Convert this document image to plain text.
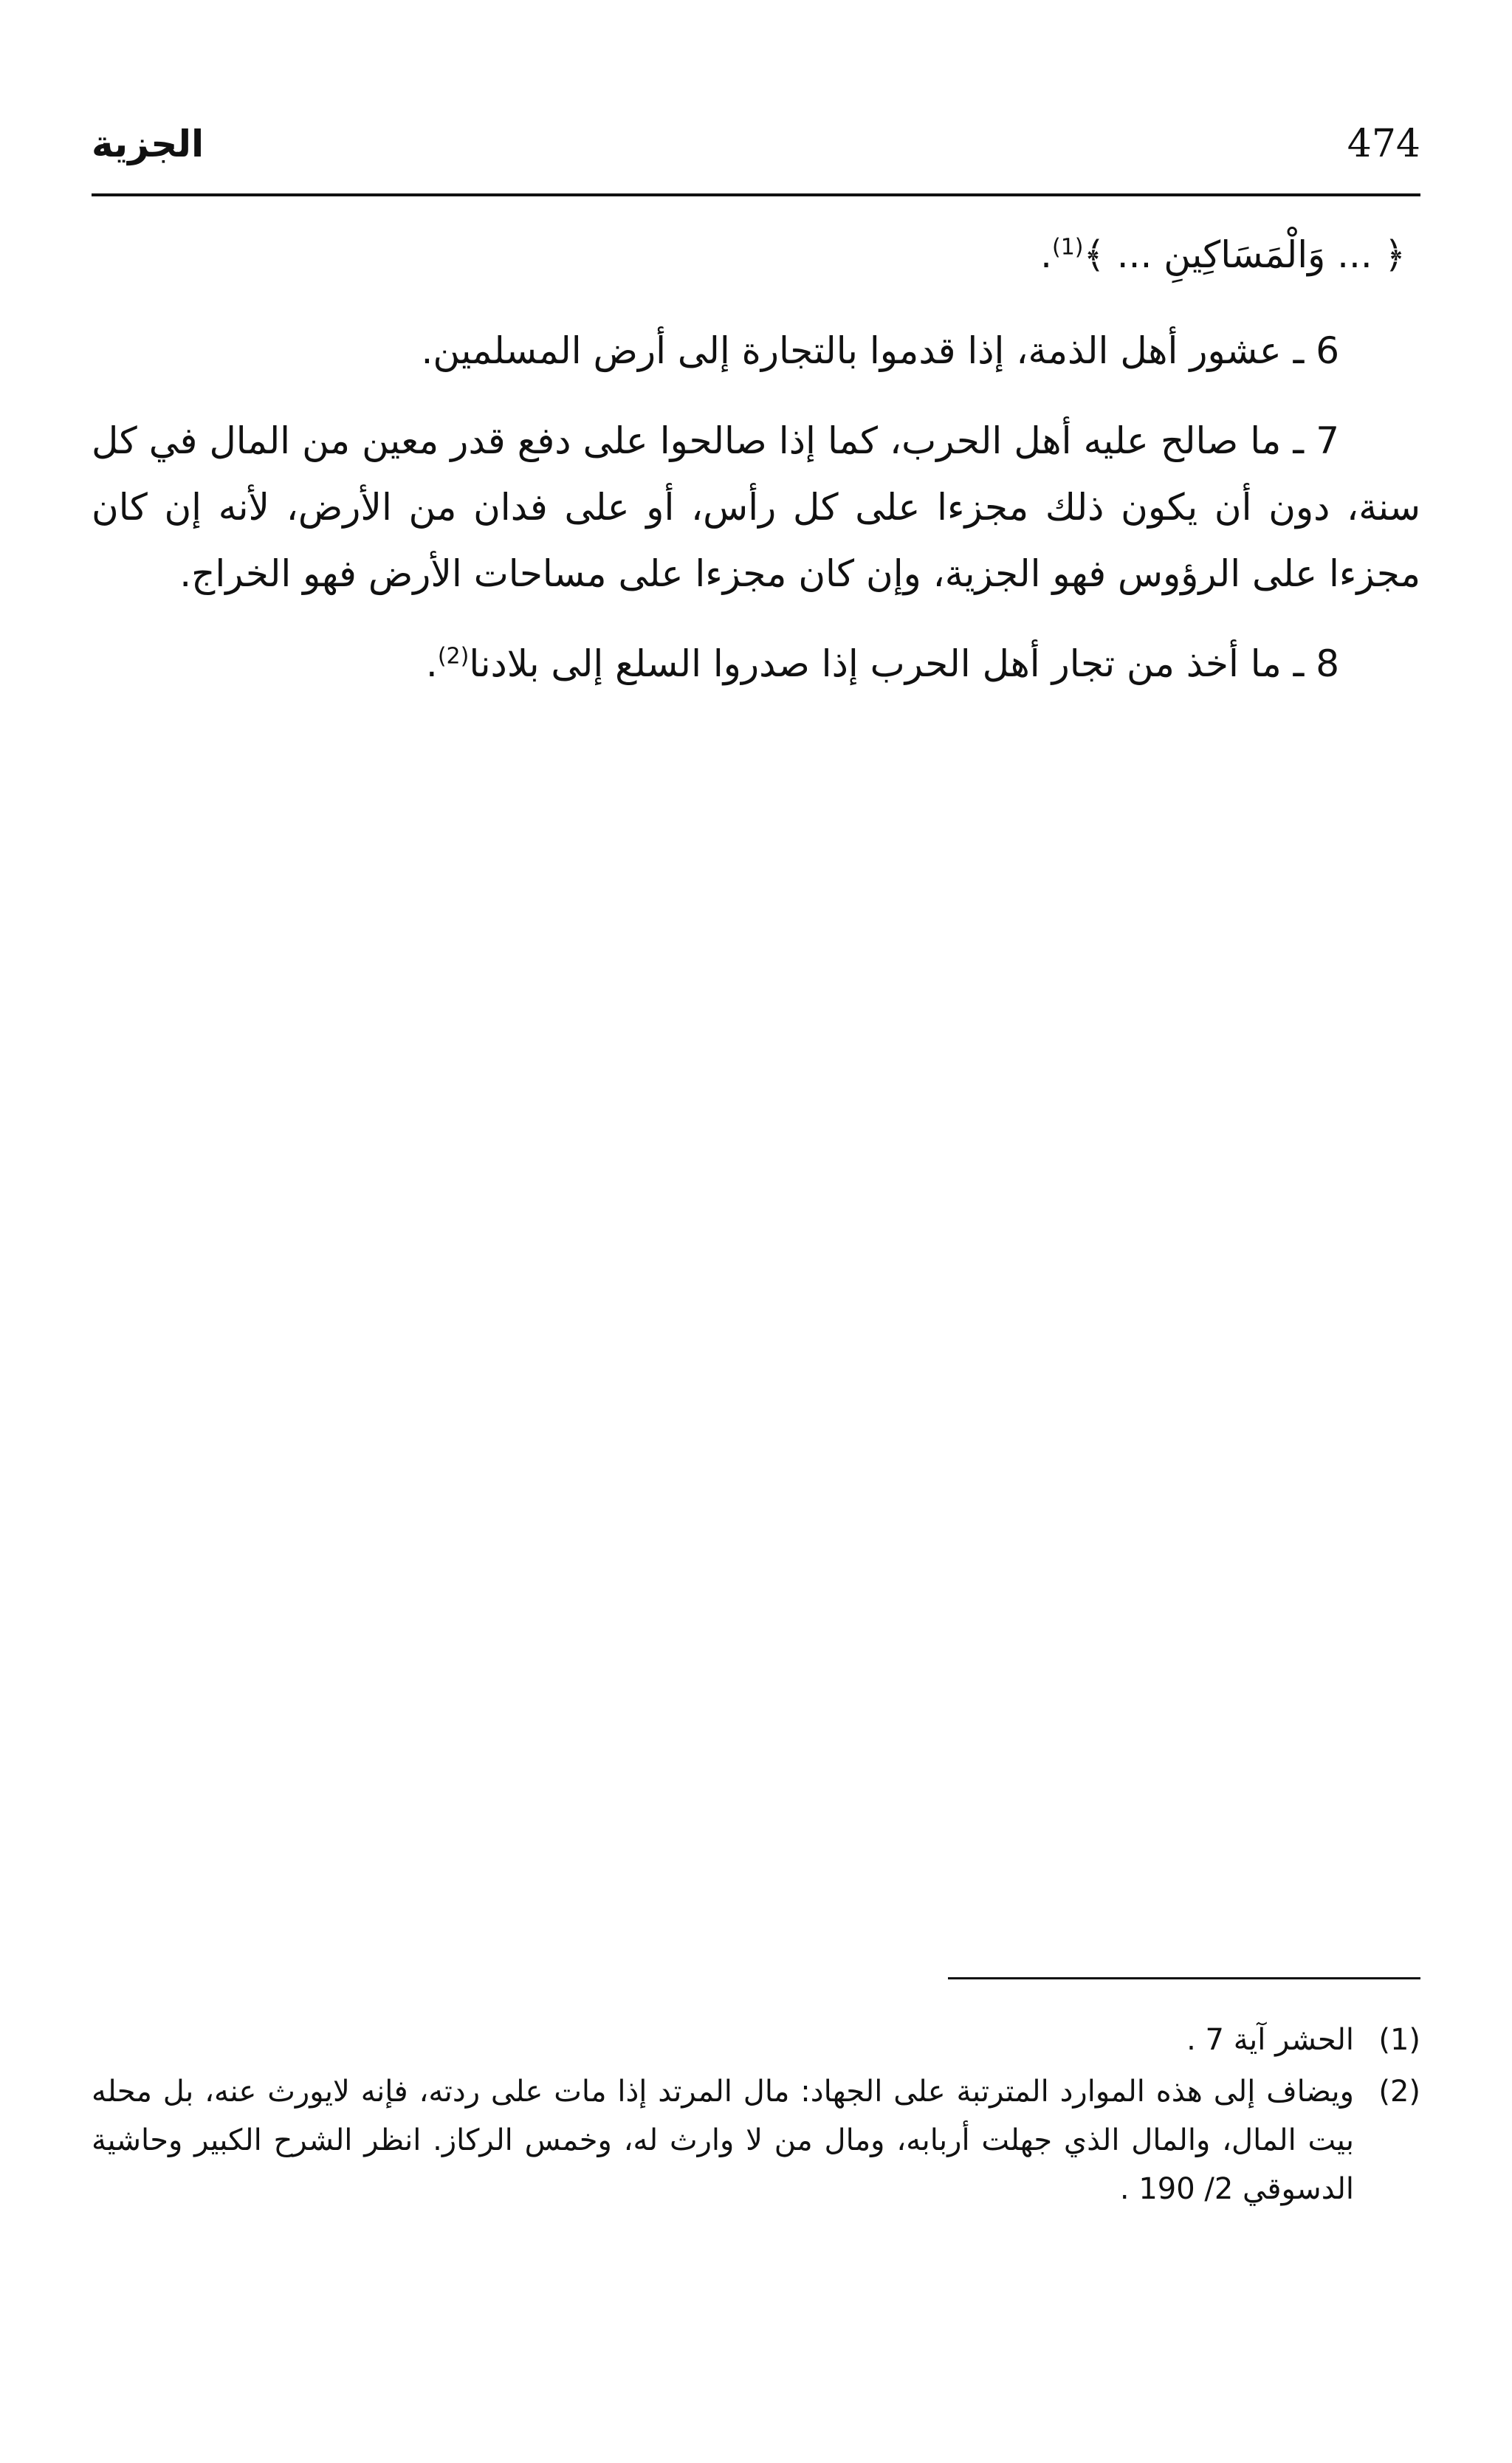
474
الجزية

﴿ ... وَالْمَسَاكِينِ ... ﴾$^{(1)}$.

6 ـ عشور أهل الذمة، إذا قدموا بالتجارة إلى أرض المسلمين.

7 ـ ما صالح عليه أهل الحرب، كما إذا صالحوا على دفع قدر معين من المال في كل سنة، دون أن يكون ذلك مجزءا على كل رأس، أو على فدان من الأرض، لأنه إن كان مجزءا على الرؤوس فهو الجزية، وإن كان مجزءا على مساحات الأرض فهو الخراج.

8 ـ ما أخذ من تجار أهل الحرب إذا صدروا السلع إلى بلادنا$^{(2)}$.

(1)
الحشر آية 7 .
(2)
ويضاف إلى هذه الموارد المترتبة على الجهاد: مال المرتد إذا مات على ردته، فإنه لايورث عنه، بل محله بيت المال، والمال الذي جهلت أربابه، ومال من لا وارث له، وخمس الركاز. انظر الشرح الكبير وحاشية الدسوقي 2/ 190 .
